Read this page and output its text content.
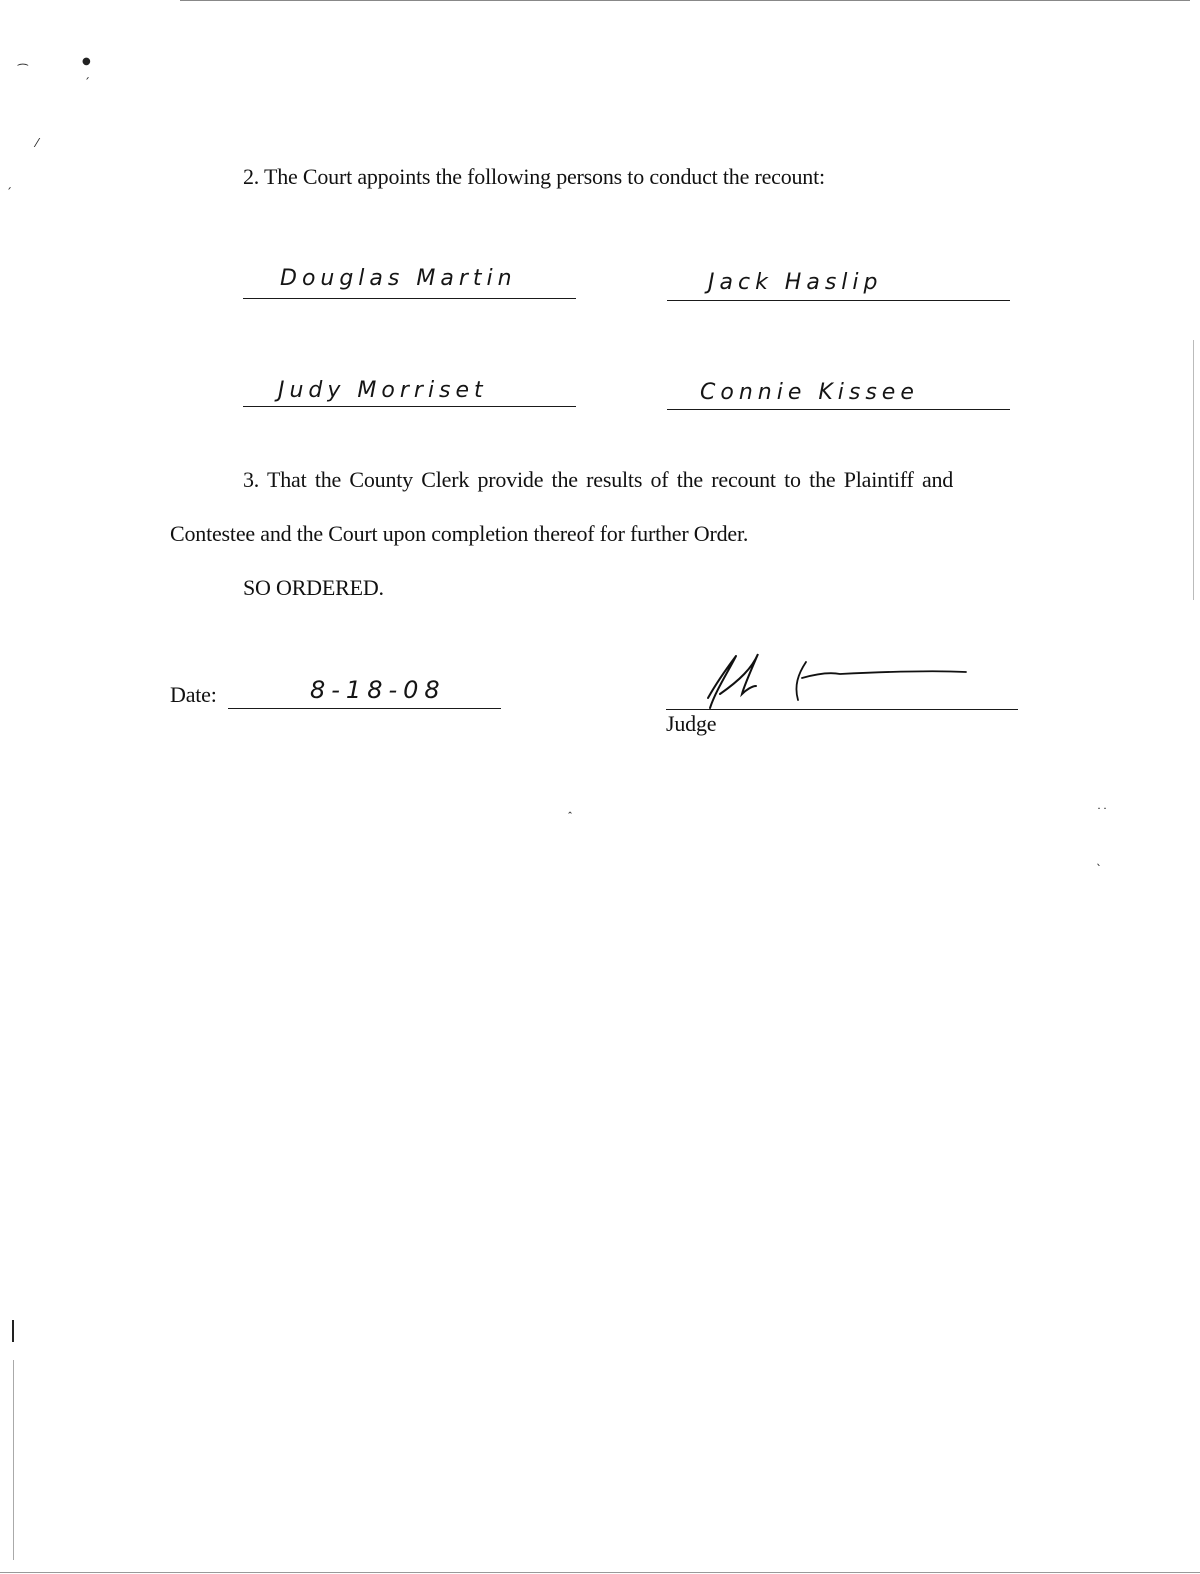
⁀
●
ˊ
⁄
ˊ
ꞈ	˙˙
ˎ
2. The Court appoints the following persons to conduct the recount:
Douglas Martin	Jack Haslip
Judy Morriset	Connie Kissee
3. That the County Clerk provide the results of the recount to the Plaintiff and
Contestee and the Court upon completion thereof for further Order.
SO ORDERED.
Date:	8-18-08
Judge
